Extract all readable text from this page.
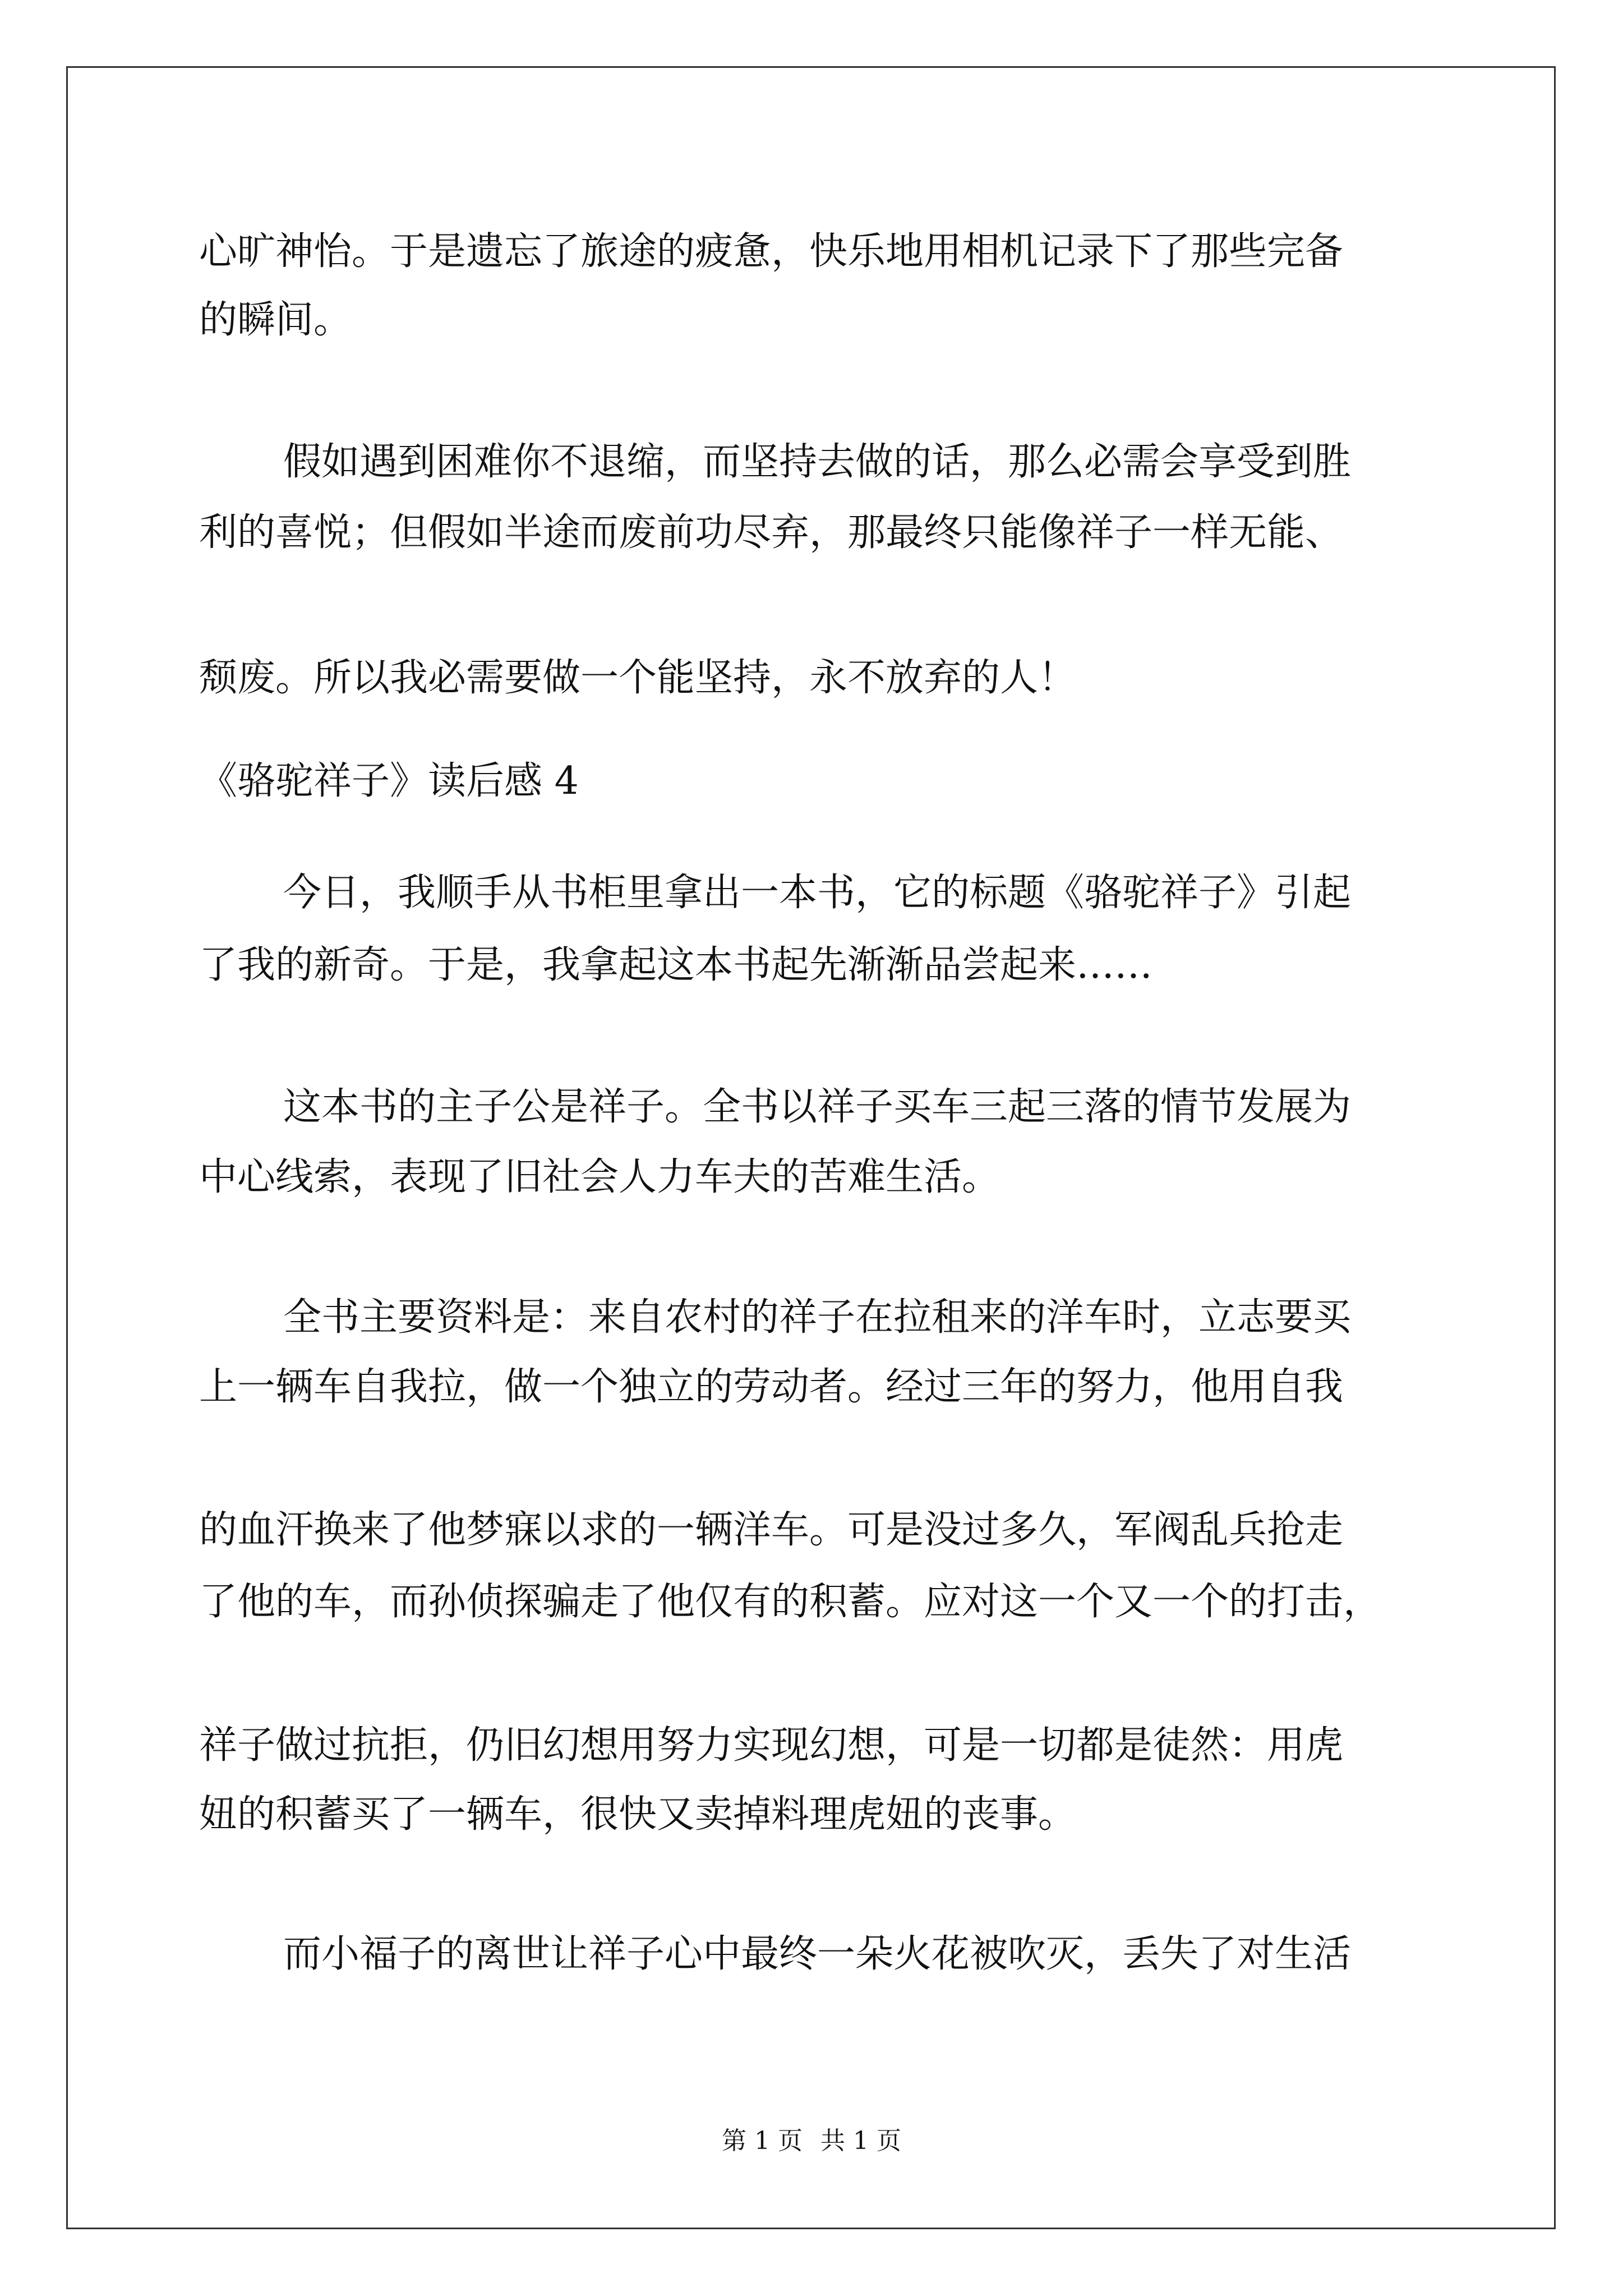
心旷神怡。于是遗忘了旅途的疲惫，快乐地用相机记录下了那些完备
的瞬间。
假如遇到困难你不退缩，而坚持去做的话，那么必需会享受到胜
利的喜悦；但假如半途而废前功尽弃，那最终只能像祥子一样无能、
颓废。所以我必需要做一个能坚持，永不放弃的人！
《骆驼祥子》读后感 4
今日，我顺手从书柜里拿出一本书，它的标题《骆驼祥子》引起
了我的新奇。于是，我拿起这本书起先渐渐品尝起来……
这本书的主子公是祥子。全书以祥子买车三起三落的情节发展为
中心线索，表现了旧社会人力车夫的苦难生活。
全书主要资料是：来自农村的祥子在拉租来的洋车时，立志要买
上一辆车自我拉，做一个独立的劳动者。经过三年的努力，他用自我
的血汗换来了他梦寐以求的一辆洋车。可是没过多久，军阀乱兵抢走
了他的车，而孙侦探骗走了他仅有的积蓄。应对这一个又一个的打击，
祥子做过抗拒，仍旧幻想用努力实现幻想，可是一切都是徒然：用虎
妞的积蓄买了一辆车，很快又卖掉料理虎妞的丧事。
而小福子的离世让祥子心中最终一朵火花被吹灭，丢失了对生活
第 1 页 共 1 页
